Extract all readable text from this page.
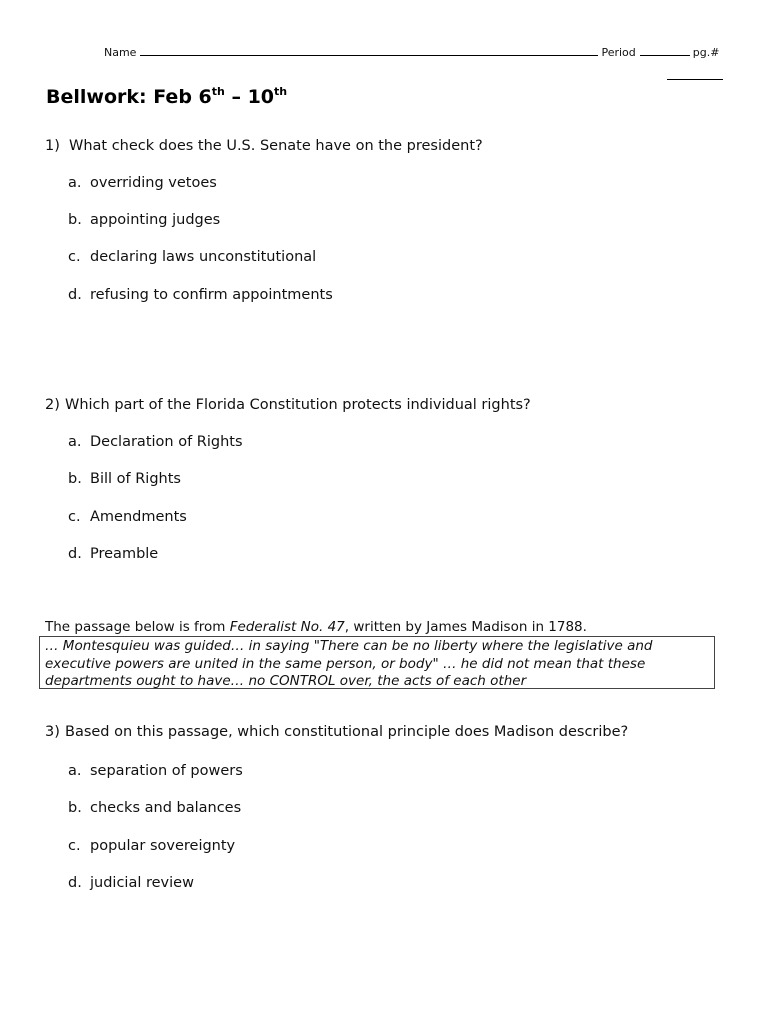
Name	Period	pg.#
Bellwork: Feb 6th – 10th
1) What check does the U.S. Senate have on the president?
a. overriding vetoes
b. appointing judges
c. declaring laws unconstitutional
d. refusing to confirm appointments
2) Which part of the Florida Constitution protects individual rights?
a. Declaration of Rights
b. Bill of Rights
c. Amendments
d. Preamble
The passage below is from Federalist No. 47, written by James Madison in 1788.
… Montesquieu was guided… in saying "There can be no liberty where the legislative and
executive powers are united in the same person, or body" … he did not mean that these
departments ought to have… no CONTROL over, the acts of each other
3) Based on this passage, which constitutional principle does Madison describe?
a. separation of powers
b. checks and balances
c. popular sovereignty
d. judicial review
